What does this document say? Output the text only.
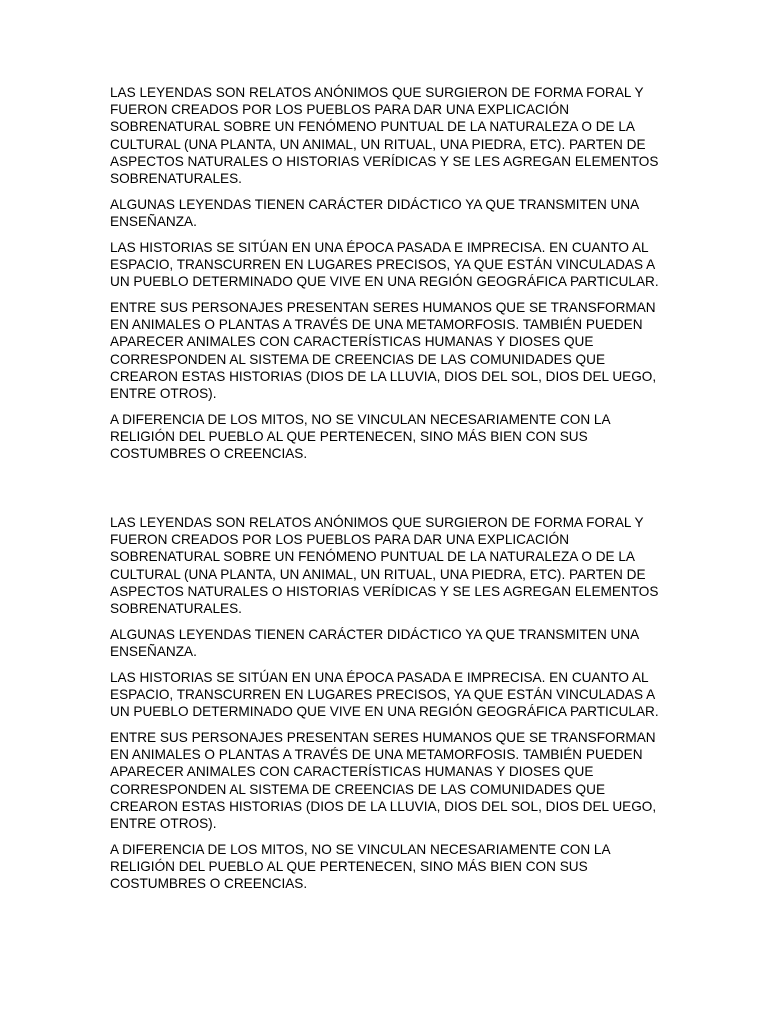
LAS LEYENDAS SON RELATOS ANÓNIMOS QUE SURGIERON DE FORMA FORAL Y FUERON CREADOS POR LOS PUEBLOS PARA DAR UNA EXPLICACIÓN SOBRENATURAL SOBRE UN FENÓMENO PUNTUAL DE LA NATURALEZA O DE LA CULTURAL (UNA PLANTA, UN ANIMAL, UN RITUAL, UNA PIEDRA, ETC). PARTEN DE ASPECTOS NATURALES O HISTORIAS VERÍDICAS Y SE LES AGREGAN ELEMENTOS SOBRENATURALES.

ALGUNAS LEYENDAS TIENEN CARÁCTER DIDÁCTICO YA QUE TRANSMITEN UNA ENSEÑANZA.

LAS HISTORIAS SE SITÚAN EN UNA ÉPOCA PASADA E IMPRECISA. EN CUANTO AL ESPACIO, TRANSCURREN EN LUGARES PRECISOS, YA QUE ESTÁN VINCULADAS A UN PUEBLO DETERMINADO QUE VIVE EN UNA REGIÓN GEOGRÁFICA PARTICULAR.

ENTRE SUS PERSONAJES PRESENTAN SERES HUMANOS QUE SE TRANSFORMAN EN ANIMALES O PLANTAS A TRAVÉS DE UNA METAMORFOSIS. TAMBIÉN PUEDEN APARECER ANIMALES CON CARACTERÍSTICAS HUMANAS Y DIOSES QUE CORRESPONDEN AL SISTEMA DE CREENCIAS DE LAS COMUNIDADES QUE CREARON ESTAS HISTORIAS (DIOS DE LA LLUVIA, DIOS DEL SOL, DIOS DEL UEGO, ENTRE OTROS).

A DIFERENCIA DE LOS MITOS, NO SE VINCULAN NECESARIAMENTE CON LA RELIGIÓN DEL PUEBLO AL QUE PERTENECEN, SINO MÁS BIEN CON SUS COSTUMBRES O CREENCIAS.

LAS LEYENDAS SON RELATOS ANÓNIMOS QUE SURGIERON DE FORMA FORAL Y FUERON CREADOS POR LOS PUEBLOS PARA DAR UNA EXPLICACIÓN SOBRENATURAL SOBRE UN FENÓMENO PUNTUAL DE LA NATURALEZA O DE LA CULTURAL (UNA PLANTA, UN ANIMAL, UN RITUAL, UNA PIEDRA, ETC). PARTEN DE ASPECTOS NATURALES O HISTORIAS VERÍDICAS Y SE LES AGREGAN ELEMENTOS SOBRENATURALES.

ALGUNAS LEYENDAS TIENEN CARÁCTER DIDÁCTICO YA QUE TRANSMITEN UNA ENSEÑANZA.

LAS HISTORIAS SE SITÚAN EN UNA ÉPOCA PASADA E IMPRECISA. EN CUANTO AL ESPACIO, TRANSCURREN EN LUGARES PRECISOS, YA QUE ESTÁN VINCULADAS A UN PUEBLO DETERMINADO QUE VIVE EN UNA REGIÓN GEOGRÁFICA PARTICULAR.

ENTRE SUS PERSONAJES PRESENTAN SERES HUMANOS QUE SE TRANSFORMAN EN ANIMALES O PLANTAS A TRAVÉS DE UNA METAMORFOSIS. TAMBIÉN PUEDEN APARECER ANIMALES CON CARACTERÍSTICAS HUMANAS Y DIOSES QUE CORRESPONDEN AL SISTEMA DE CREENCIAS DE LAS COMUNIDADES QUE CREARON ESTAS HISTORIAS (DIOS DE LA LLUVIA, DIOS DEL SOL, DIOS DEL UEGO, ENTRE OTROS).

A DIFERENCIA DE LOS MITOS, NO SE VINCULAN NECESARIAMENTE CON LA RELIGIÓN DEL PUEBLO AL QUE PERTENECEN, SINO MÁS BIEN CON SUS COSTUMBRES O CREENCIAS.
